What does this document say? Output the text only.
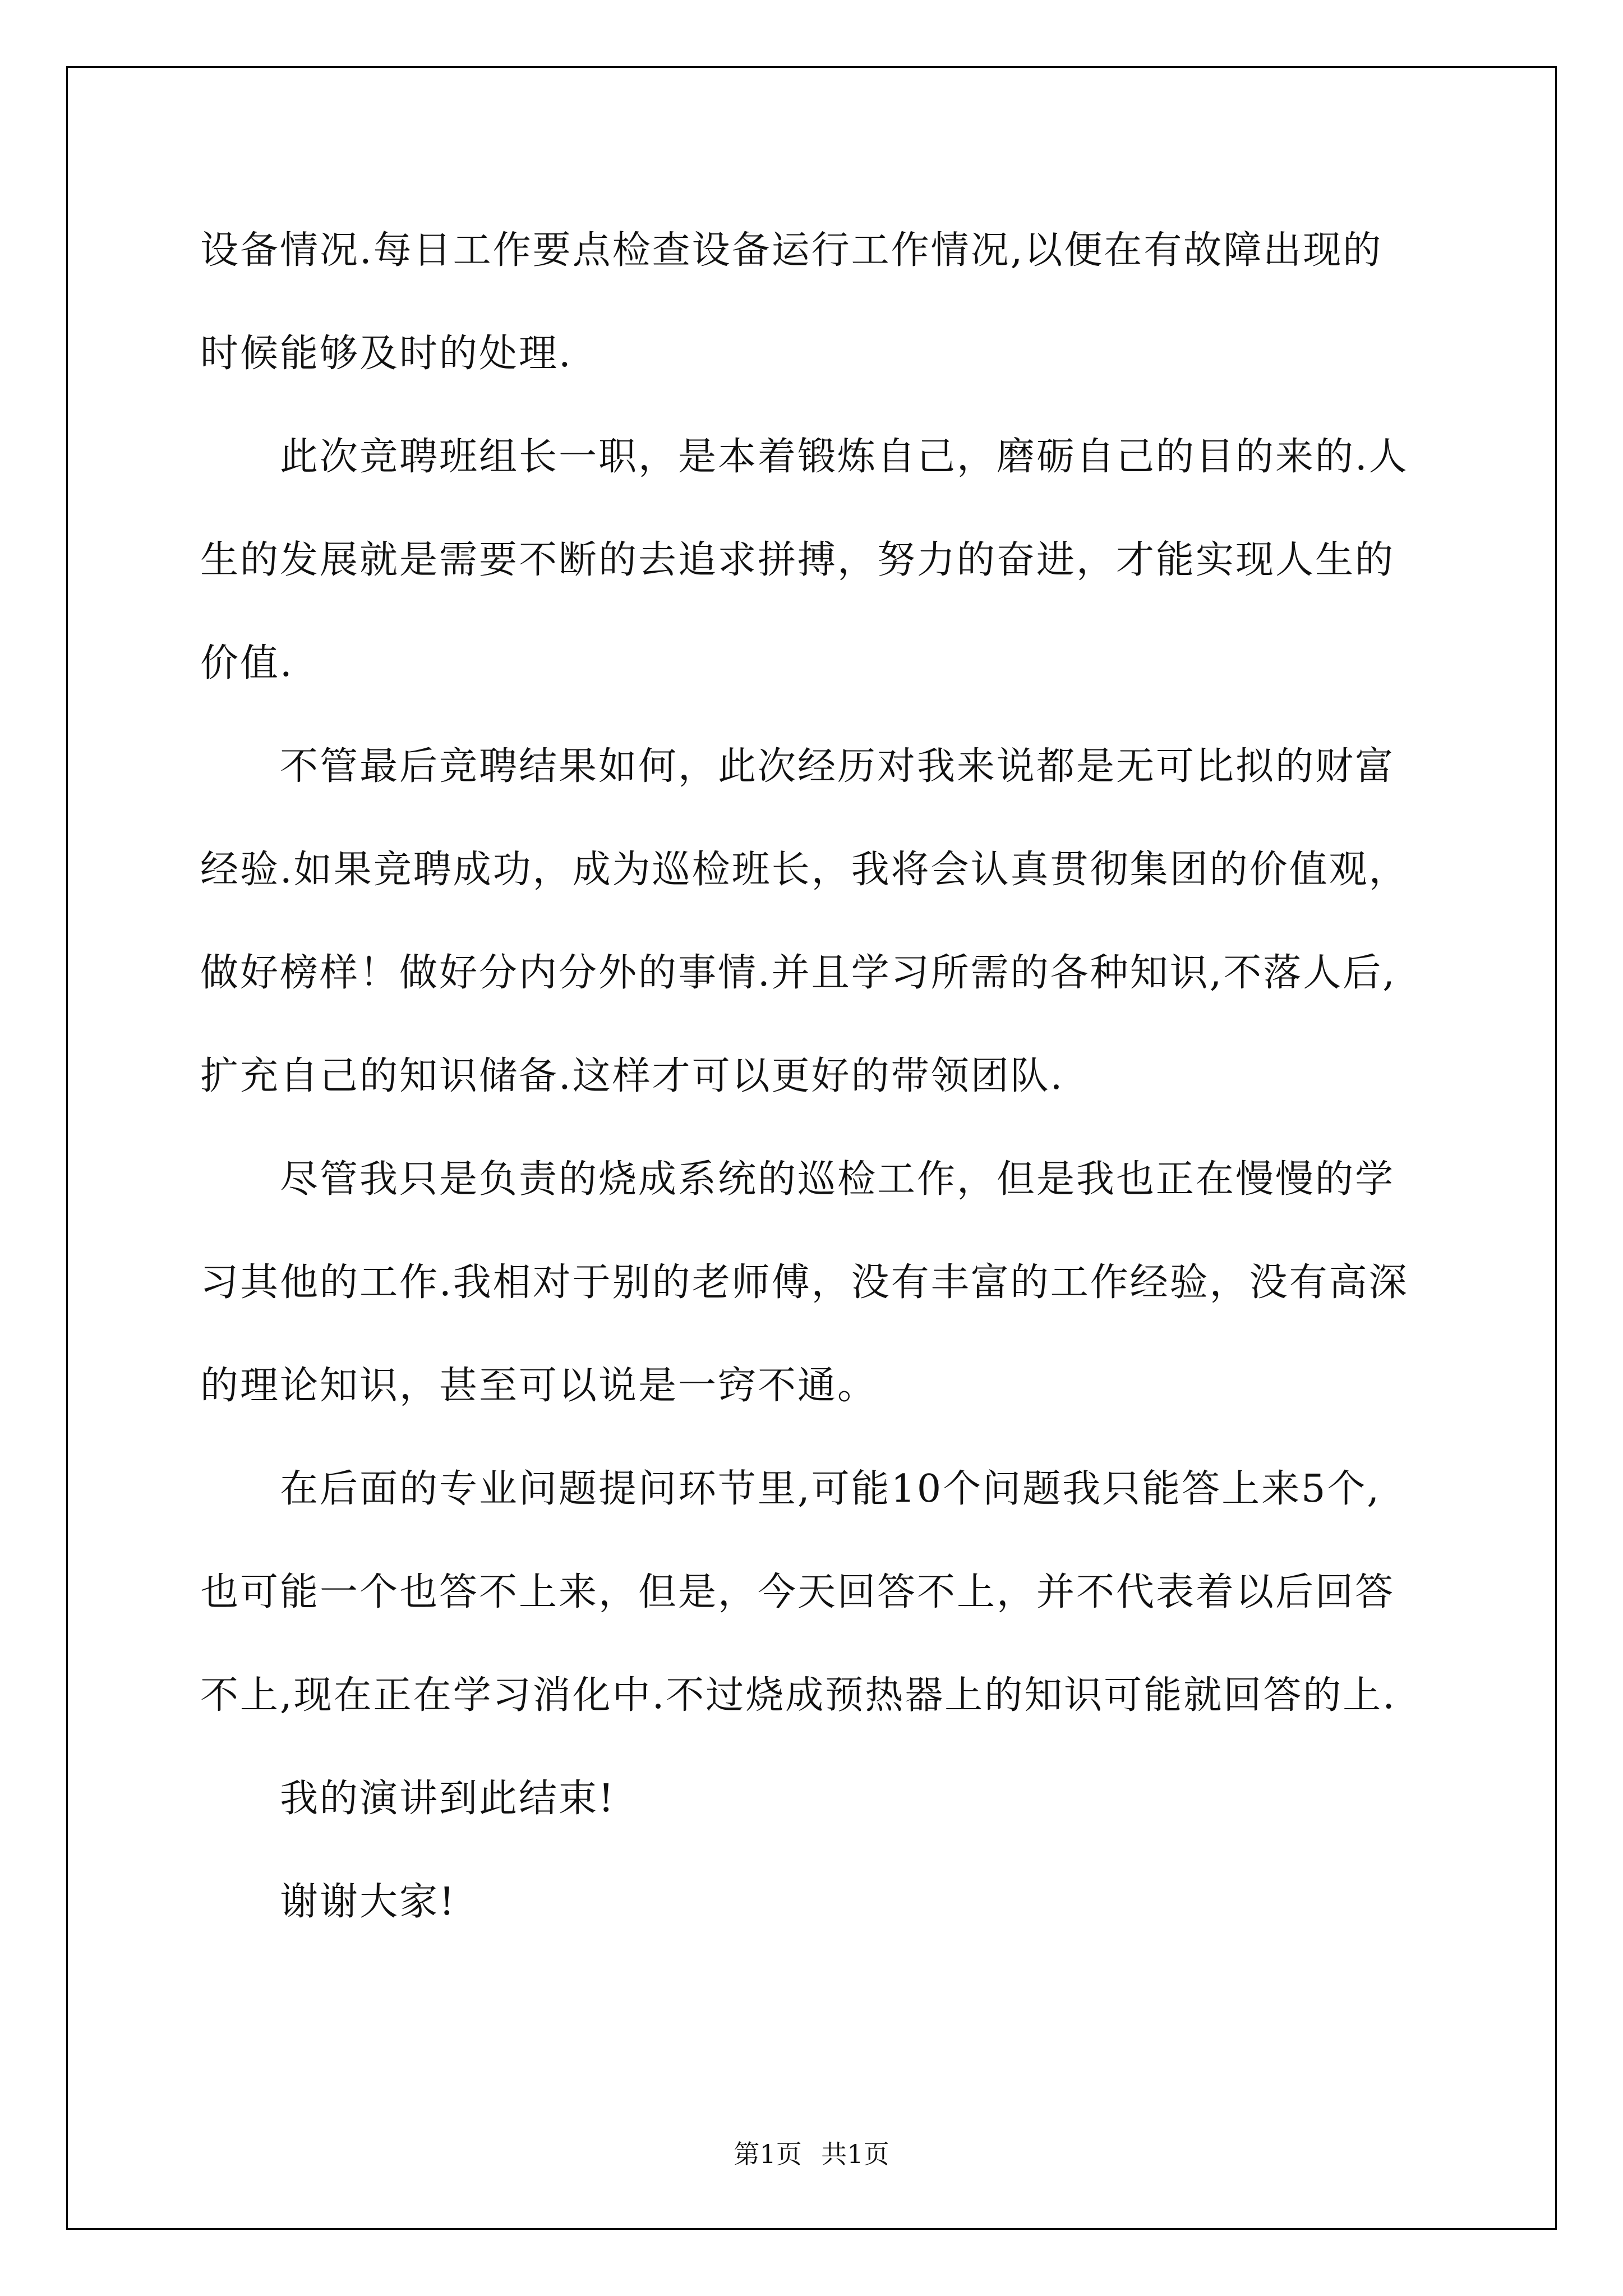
设备情况.每日工作要点检查设备运行工作情况,以便在有故障出现的
时候能够及时的处理.

　　此次竞聘班组长一职，是本着锻炼自己，磨砺自己的目的来的.人
生的发展就是需要不断的去追求拼搏，努力的奋进，才能实现人生的
价值.

　　不管最后竞聘结果如何，此次经历对我来说都是无可比拟的财富
经验.如果竞聘成功，成为巡检班长，我将会认真贯彻集团的价值观，
做好榜样！做好分内分外的事情.并且学习所需的各种知识,不落人后,
扩充自己的知识储备.这样才可以更好的带领团队.

　　尽管我只是负责的烧成系统的巡检工作，但是我也正在慢慢的学
习其他的工作.我相对于别的老师傅，没有丰富的工作经验，没有高深
的理论知识，甚至可以说是一窍不通。

　　在后面的专业问题提问环节里,可能10个问题我只能答上来5个,
也可能一个也答不上来，但是，今天回答不上，并不代表着以后回答
不上,现在正在学习消化中.不过烧成预热器上的知识可能就回答的上.

　　我的演讲到此结束!

　　谢谢大家!

第1页 共1页
